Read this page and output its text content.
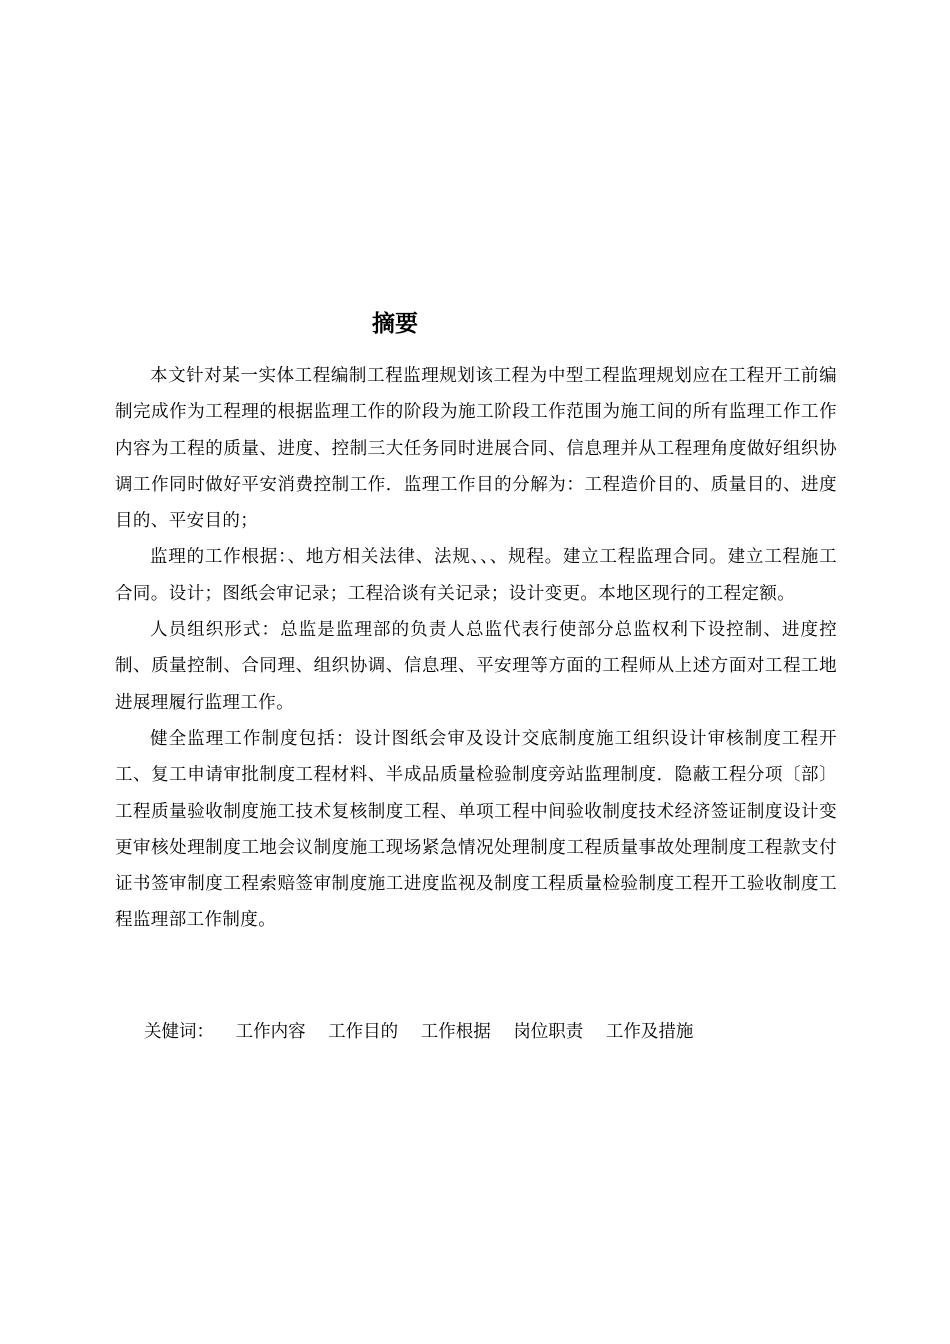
摘要

本文针对某一实体工程编制工程监理规划该工程为中型工程监理规划应在工程开工前编制完成作为工程理的根据监理工作的阶段为施工阶段工作范围为施工间的所有监理工作工作内容为工程的质量、进度、控制三大任务同时进展合同、信息理并从工程理角度做好组织协调工作同时做好平安消费控制工作．监理工作目的分解为：工程造价目的、质量目的、进度目的、平安目的；

监理的工作根据：、地方相关法律、法规、、、规程。建立工程监理合同。建立工程施工合同。设计；图纸会审记录；工程洽谈有关记录；设计变更。本地区现行的工程定额。

人员组织形式：总监是监理部的负责人总监代表行使部分总监权利下设控制、进度控制、质量控制、合同理、组织协调、信息理、平安理等方面的工程师从上述方面对工程工地进展理履行监理工作。

健全监理工作制度包括：设计图纸会审及设计交底制度施工组织设计审核制度工程开工、复工申请审批制度工程材料、半成品质量检验制度旁站监理制度．隐蔽工程分项〔部〕工程质量验收制度施工技术复核制度工程、单项工程中间验收制度技术经济签证制度设计变更审核处理制度工地会议制度施工现场紧急情况处理制度工程质量事故处理制度工程款支付证书签审制度工程索赔签审制度施工进度监视及制度工程质量检验制度工程开工验收制度工程监理部工作制度。

关健词： 工作内容 工作目的 工作根据 岗位职责 工作及措施
